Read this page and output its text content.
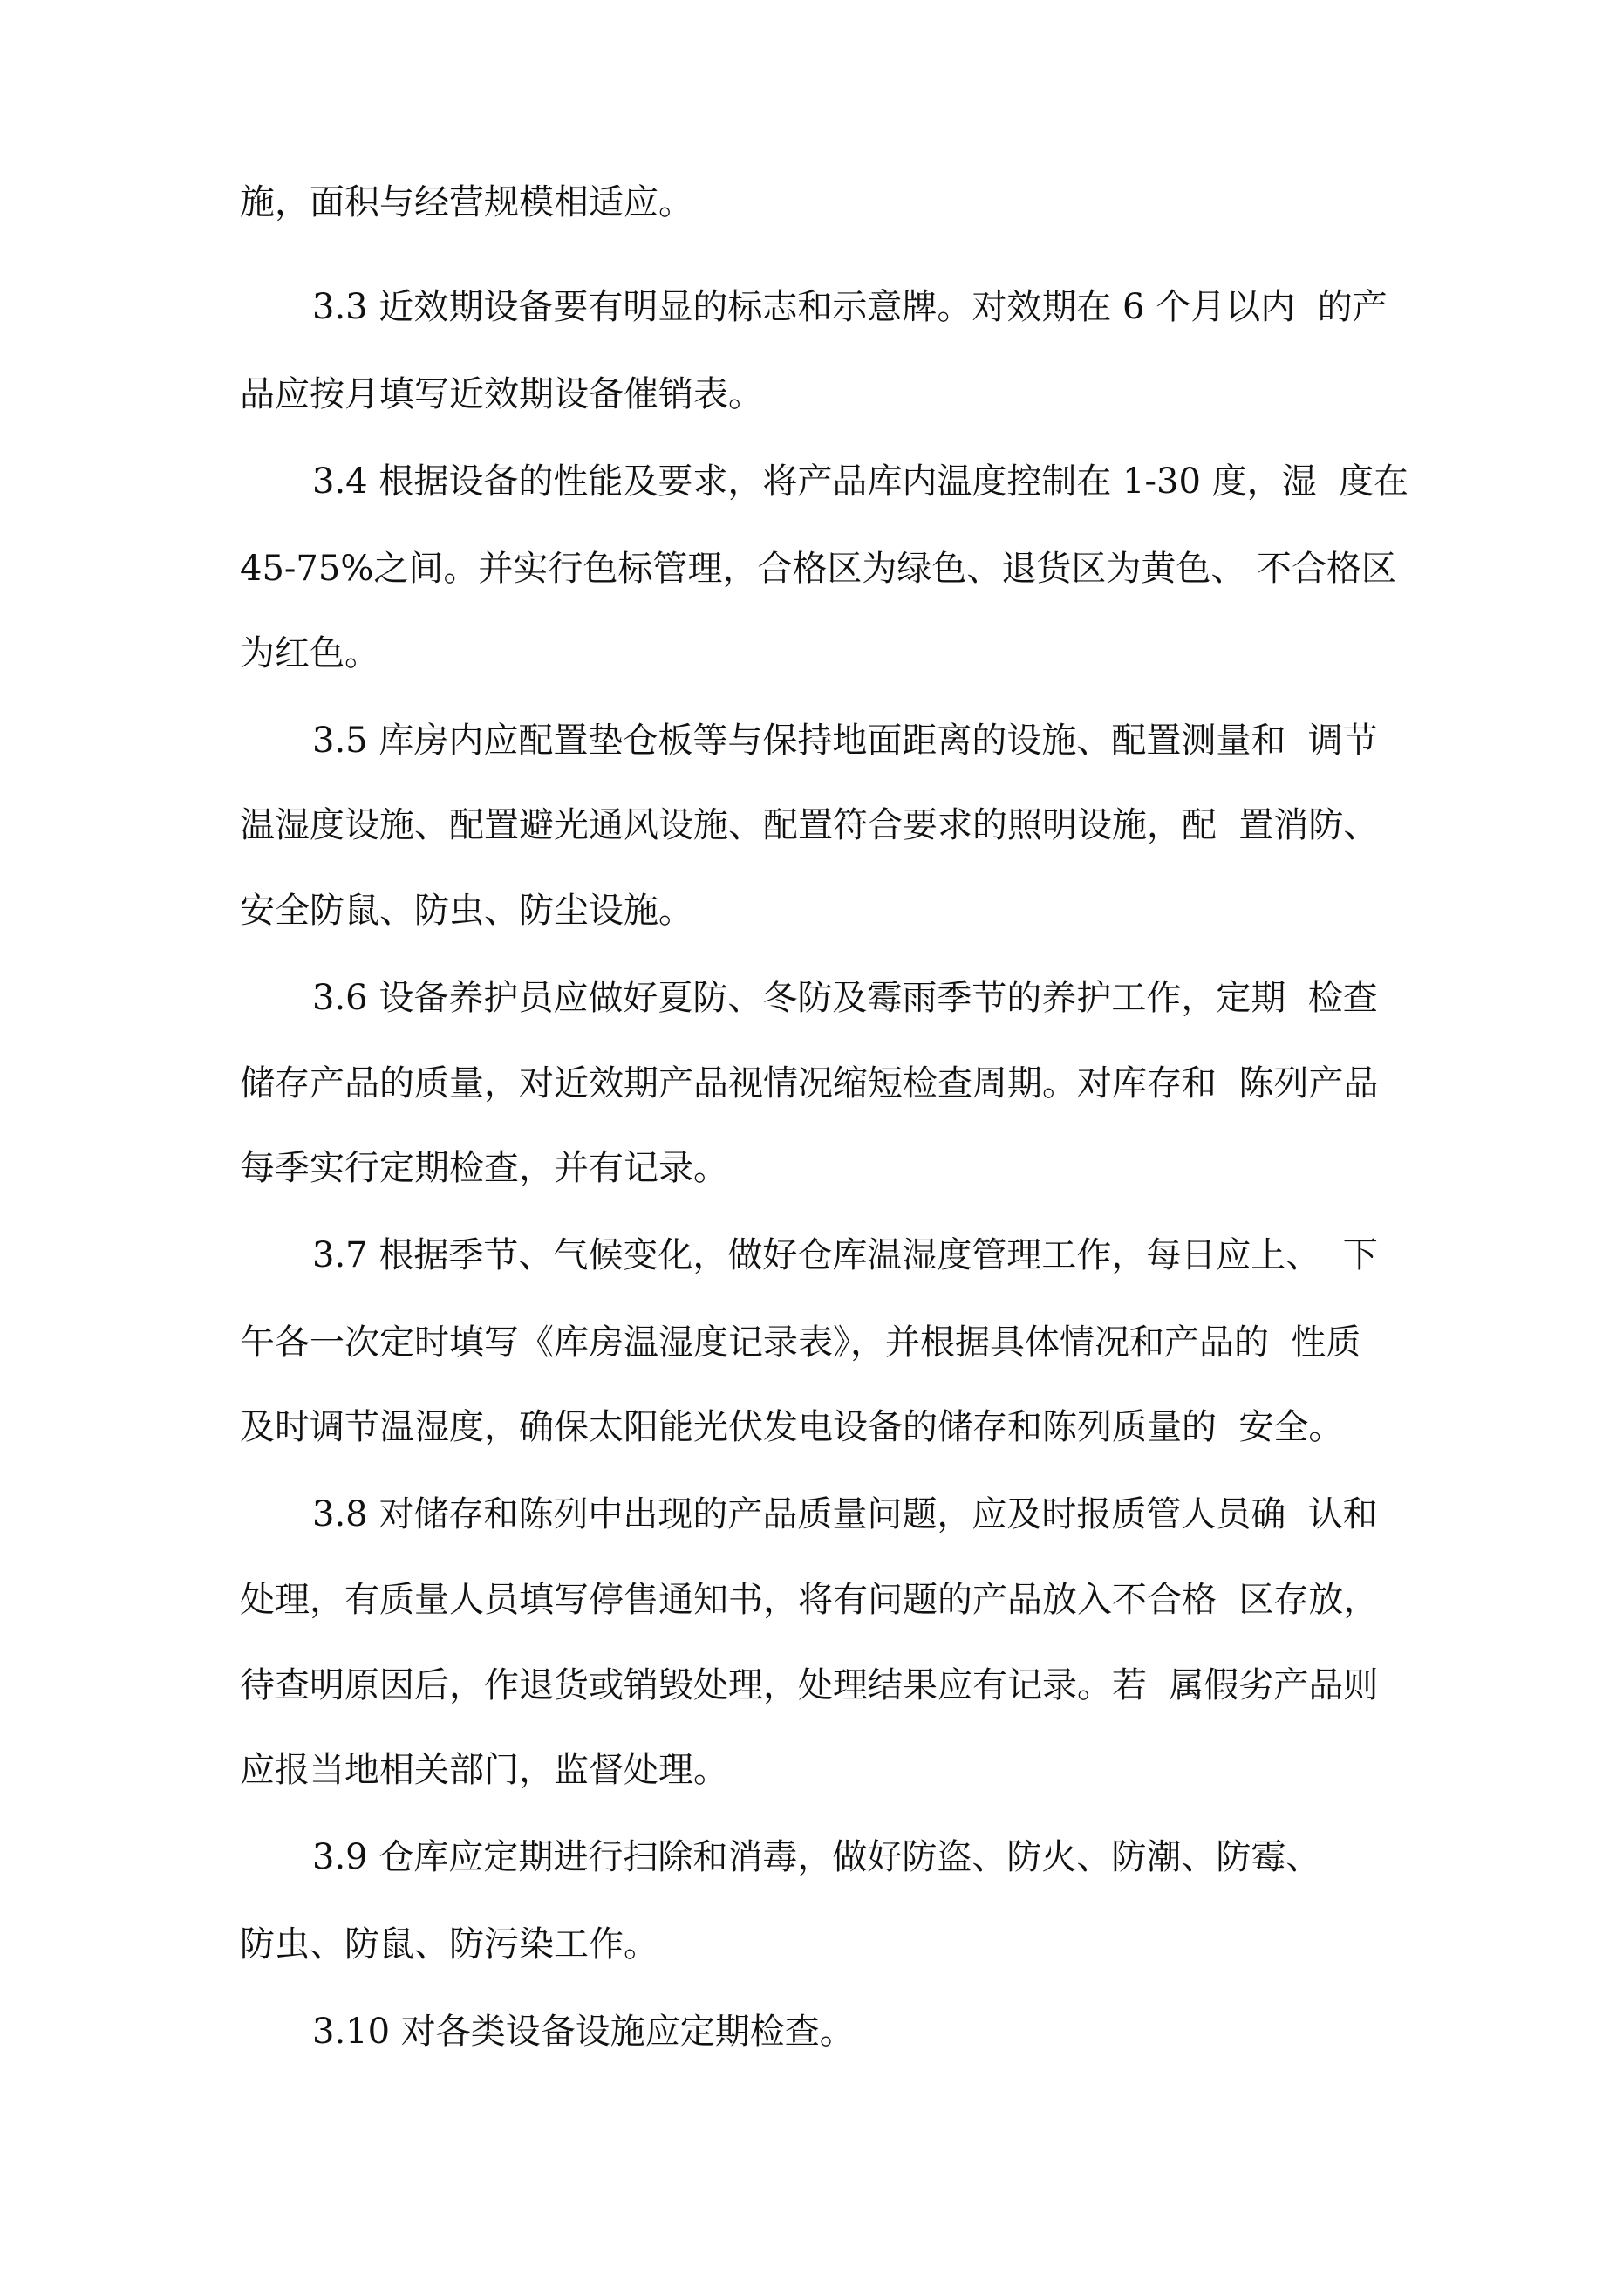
施，面积与经营规模相适应。
3.3 近效期设备要有明显的标志和示意牌。对效期在 6 个月以内  的产
品应按月填写近效期设备催销表。
3.4 根据设备的性能及要求，将产品库内温度控制在 1-30 度，湿  度在
45-75%之间。并实行色标管理，合格区为绿色、退货区为黄色、 不合格区
为红色。
3.5 库房内应配置垫仓板等与保持地面距离的设施、配置测量和  调节
温湿度设施、配置避光通风设施、配置符合要求的照明设施，配  置消防、
安全防鼠、防虫、防尘设施。
3.6 设备养护员应做好夏防、冬防及霉雨季节的养护工作，定期  检查
储存产品的质量，对近效期产品视情况缩短检查周期。对库存和  陈列产品
每季实行定期检查，并有记录。
3.7 根据季节、气候变化，做好仓库温湿度管理工作，每日应上、  下
午各一次定时填写《库房温湿度记录表》，并根据具体情况和产品的  性质
及时调节温湿度，确保太阳能光伏发电设备的储存和陈列质量的  安全。
3.8 对储存和陈列中出现的产品质量问题，应及时报质管人员确  认和
处理，有质量人员填写停售通知书，将有问题的产品放入不合格  区存放，
待查明原因后，作退货或销毁处理，处理结果应有记录。若  属假劣产品则
应报当地相关部门，监督处理。
3.9 仓库应定期进行扫除和消毒，做好防盗、防火、防潮、防霉、
防虫、防鼠、防污染工作。
3.10 对各类设备设施应定期检查。
